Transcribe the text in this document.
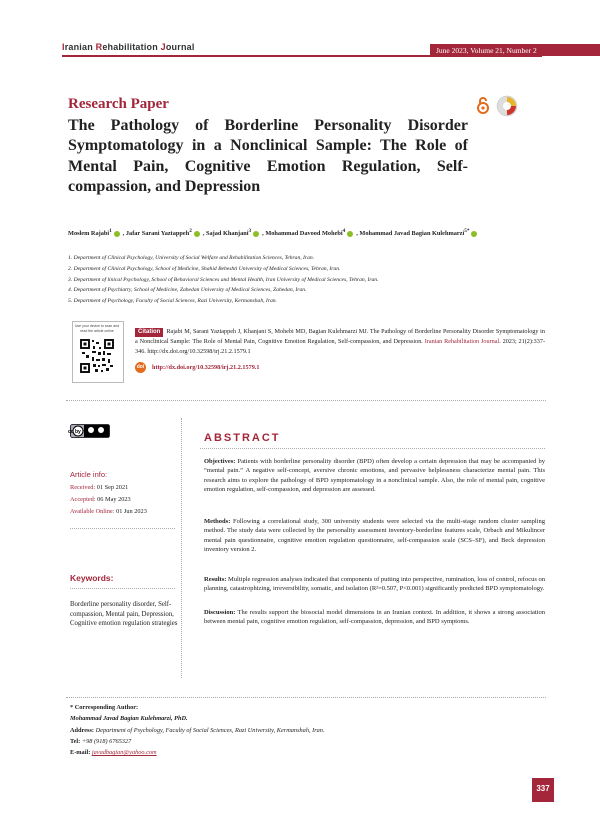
Iranian Rehabilitation Journal	June 2023, Volume 21, Number 2
Research Paper
The Pathology of Borderline Personality Disorder Symptomatology in a Nonclinical Sample: The Role of Mental Pain, Cognitive Emotion Regulation, Self-compassion, and Depression
Moslem Rajabi$^1$ , Jafar Sarani Yaztappeh$^2$ , Sajad Khanjani$^3$ , Mohammad Davood Mohebi$^4$ , Mohammad Javad Bagian Kulehmarzi$^{5*}$
1. Department of Clinical Psychology, University of Social Welfare and Rehabilitation Sciences, Tehran, Iran.
2. Department of Clinical Psychology, School of Medicine, Shahid Beheshti University of Medical Sciences, Tehran, Iran.
3. Department of linical Psychology, School of Behavioral Sciences and Mental Health, Iran University of Medical Sciences, Tehran, Iran.
4. Department of Psychiatry, School of Medicine, Zahedan University of Medical Sciences, Zahedan, Iran.
5. Department of Psychology, Faculty of Social Sciences, Razi University, Kermanshah, Iran.
Use your device to scan and read the article online	Citation Rajabi M, Sarani Yaztappeh J, Khanjani S, Mohebi MD, Bagian Kulehmarzi MJ. The Pathology of Borderline Personality Disorder Symptomatology in a Nonclinical Sample: The Role of Mental Pain, Cognitive Emotion Regulation, Self-compassion, and Depression. Iranian Rehabilitation Journal. 2023; 21(2):337-346. http://dx.doi.org/10.32598/irj.21.2.1579.1
doi http://dx.doi.org/10.32598/irj.21.2.1579.1
cc by nc
Article info:
Received: 01 Sep 2021
Accepted: 06 May 2023
Available Online: 01 Jun 2023
Keywords:
Borderline personality disorder, Self-compassion, Mental pain, Depression, Cognitive emotion regulation strategies
ABSTRACT
Objectives: Patients with borderline personality disorder (BPD) often develop a certain depression that may be accompanied by “mental pain.” A negative self-concept, aversive chronic emotions, and pervasive helplessness characterize mental pain. This research aims to explore the pathology of BPD symptomatology in a nonclinical sample. Also, the role of mental pain, cognitive emotion regulation, self-compassion, and depression are assessed.
Methods: Following a correlational study, 300 university students were selected via the multi-stage random cluster sampling method. The study data were collected by the personality assessment inventory-borderline features scale, Orbach and Mikulincer mental pain questionnaire, cognitive emotion regulation questionnaire, self-compassion scale (SCS–SF), and Beck depression inventory version 2.
Results: Multiple regression analyses indicated that components of putting into perspective, rumination, loss of control, refocus on planning, catastrophizing, irreversibility, somatic, and isolation (R²=0.507, P<0.001) significantly predicted BPD symptomatology.
Discussion: The results support the biosocial model dimensions in an Iranian context. In addition, it shows a strong association between mental pain, cognitive emotion regulation, self-compassion, depression, and BPD symptoms.
* Corresponding Author:
Mohammad Javad Bagian Kulehmarzi, PhD.
Address: Department of Psychology, Faculty of Social Sciences, Razi University, Kermanshah, Iran.
Tel: +98 (918) 6765327
E-mail: javadbagian@yahoo.com
337
